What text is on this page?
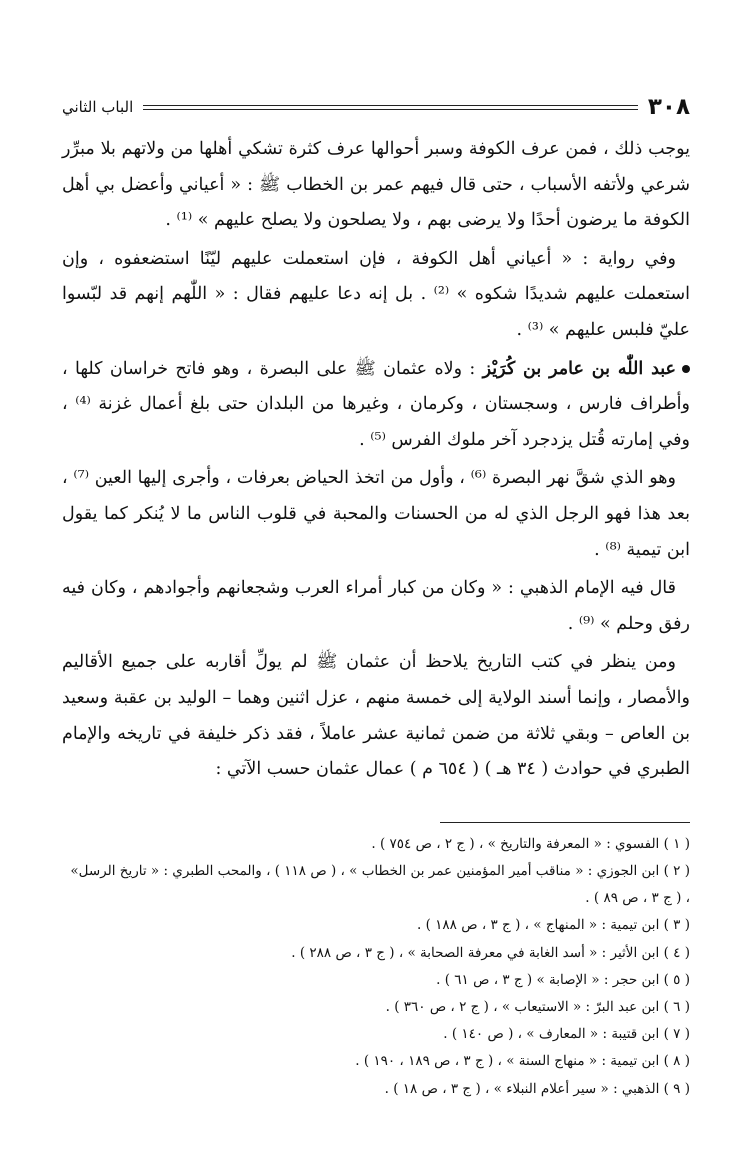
٣٠٨
الباب الثاني

يوجب ذلك ، فمن عرف الكوفة وسبر أحوالها عرف كثرة تشكي أهلها من ولاتهم بلا مبرِّر شرعي ولأتفه الأسباب ، حتى قال فيهم عمر بن الخطاب ﷺ : « أعياني وأعضل بي أهل الكوفة ما يرضون أحدًا ولا يرضى بهم ، ولا يصلحون ولا يصلح عليهم » ⁽¹⁾ .

وفي رواية : « أعياني أهل الكوفة ، فإن استعملت عليهم ليّنًا استضعفوه ، وإن استعملت عليهم شديدًا شكوه » ⁽²⁾ . بل إنه دعا عليهم فقال : « اللّٰهم إنهم قد لبّسوا عليّ فلبس عليهم » ⁽³⁾ .

عبد اللّٰه بن عامر بن كُرَيْز : ولاه عثمان ﷺ على البصرة ، وهو فاتح خراسان كلها ، وأطراف فارس ، وسجستان ، وكرمان ، وغيرها من البلدان حتى بلغ أعمال غزنة ⁽⁴⁾ ، وفي إمارته قُتل يزدجرد آخر ملوك الفرس ⁽⁵⁾ .

وهو الذي شقَّ نهر البصرة ⁽⁶⁾ ، وأول من اتخذ الحياض بعرفات ، وأجرى إليها العين ⁽⁷⁾ ، بعد هذا فهو الرجل الذي له من الحسنات والمحبة في قلوب الناس ما لا يُنكر كما يقول ابن تيمية ⁽⁸⁾ .

قال فيه الإمام الذهبي : « وكان من كبار أمراء العرب وشجعانهم وأجوادهم ، وكان فيه رفق وحلم » ⁽⁹⁾ .

ومن ينظر في كتب التاريخ يلاحظ أن عثمان ﷺ لم يولِّ أقاربه على جميع الأقاليم والأمصار ، وإنما أسند الولاية إلى خمسة منهم ، عزل اثنين وهما – الوليد بن عقبة وسعيد بن العاص – وبقي ثلاثة من ضمن ثمانية عشر عاملاً ، فقد ذكر خليفة في تاريخه والإمام الطبري في حوادث ( ٣٤ هـ ) ( ٦٥٤ م ) عمال عثمان حسب الآتي :

( ١ ) الفسوي : « المعرفة والتاريخ » ، ( ج ٢ ، ص ٧٥٤ ) .

( ٢ ) ابن الجوزي : « مناقب أمير المؤمنين عمر بن الخطاب » ، ( ص ١١٨ ) ، والمحب الطبري : « تاريخ الرسل» ، ( ج ٣ ، ص ٨٩ ) .

( ٣ ) ابن تيمية : « المنهاج » ، ( ج ٣ ، ص ١٨٨ ) .

( ٤ ) ابن الأثير : « أسد الغابة في معرفة الصحابة » ، ( ج ٣ ، ص ٢٨٨ ) .

( ٥ ) ابن حجر : « الإصابة » ( ج ٣ ، ص ٦١ ) .

( ٦ ) ابن عبد البرّ : « الاستيعاب » ، ( ج ٢ ، ص ٣٦٠ ) .

( ٧ ) ابن قتيبة : « المعارف » ، ( ص ١٤٠ ) .

( ٨ ) ابن تيمية : « منهاج السنة » ، ( ج ٣ ، ص ١٨٩ ، ١٩٠ ) .

( ٩ ) الذهبي : « سير أعلام النبلاء » ، ( ج ٣ ، ص ١٨ ) .
